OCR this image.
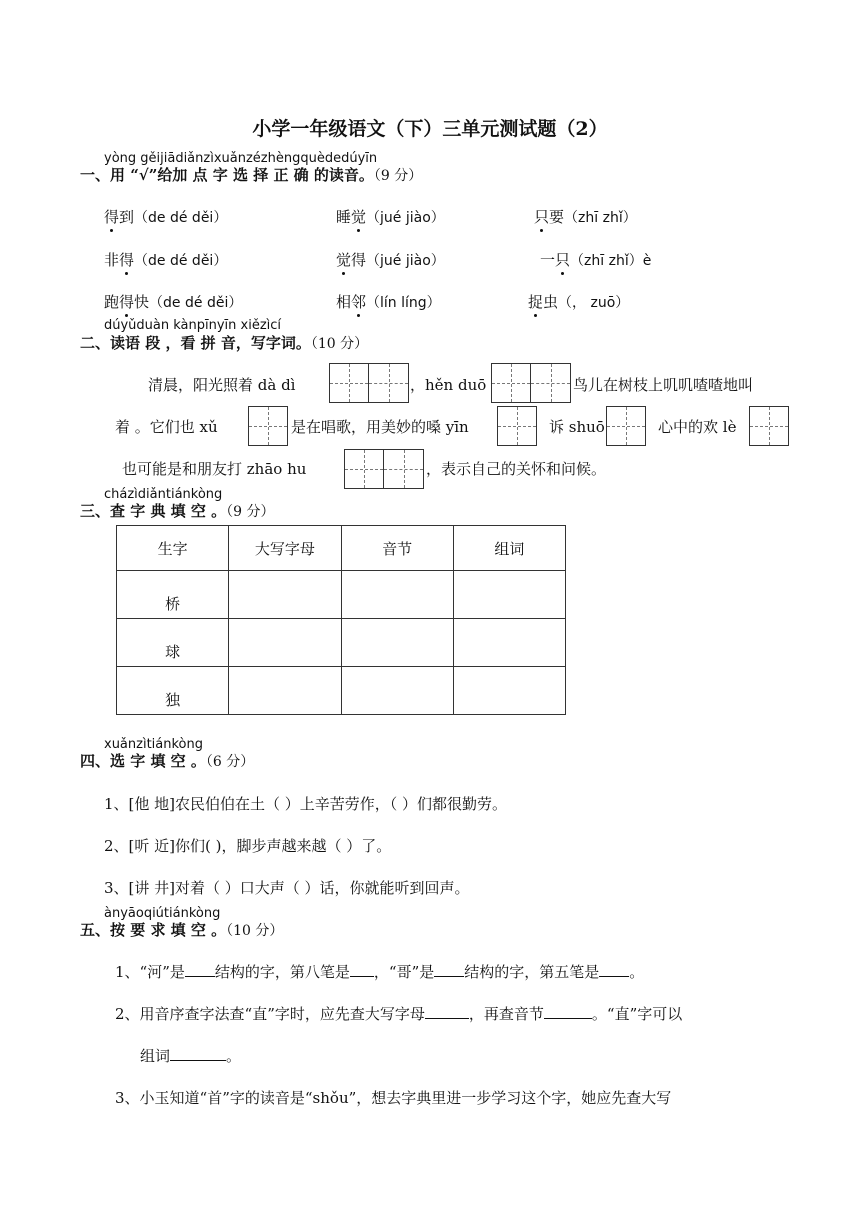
小学一年级语文（下）三单元测试题（2）
yòng gěijiādiǎnzìxuǎnzézhèngquèdedúyīn
一、用 “√”给加 点 字 选 择 正 确 的读音。（9 分）
得到（de dé děi）	睡觉（jué jiào）	只要（zhī zhǐ）
非得（de dé děi）	觉得（jué jiào）	一只（zhī zhǐ）è
跑得快（de dé děi）	相邻（lín líng）	捉虫（， zuō）
dúyǔduàn kànpīnyīn xiězìcí
二、读语 段 ，看 拼 音，写字词。（10 分）
清晨，阳光照着 dà dì	，hěn duō	鸟儿在树枝上叽叽喳喳地叫
着 。它们也 xǔ	是在唱歌，用美妙的嗓 yīn	诉 shuō	心中的欢 lè
也可能是和朋友打 zhāo hu	，表示自己的关怀和问候。
cházìdiǎntiánkòng
三、查 字 典 填 空 。（9 分）
生字	大写字母	音节	组词
桥			
球			
独			
xuǎnzìtiánkòng
四、选 字 填 空 。（6 分）
1、[他 地]农民伯伯在土（ ）上辛苦劳作，（ ）们都很勤劳。
2、[听 近]你们( )，脚步声越来越（ ）了。
3、[讲 井]对着（ ）口大声（ ）话，你就能听到回声。
ànyāoqiútiánkòng
五、按 要 求 填 空 。（10 分）
1、“河”是 结构的字，第八笔是 ，“哥”是 结构的字，第五笔是 。
2、用音序查字法查“直”字时，应先查大写字母	，再查音节	。“直”字可以
组词	。
3、小玉知道“首”字的读音是“shǒu”，想去字典里进一步学习这个字，她应先查大写
